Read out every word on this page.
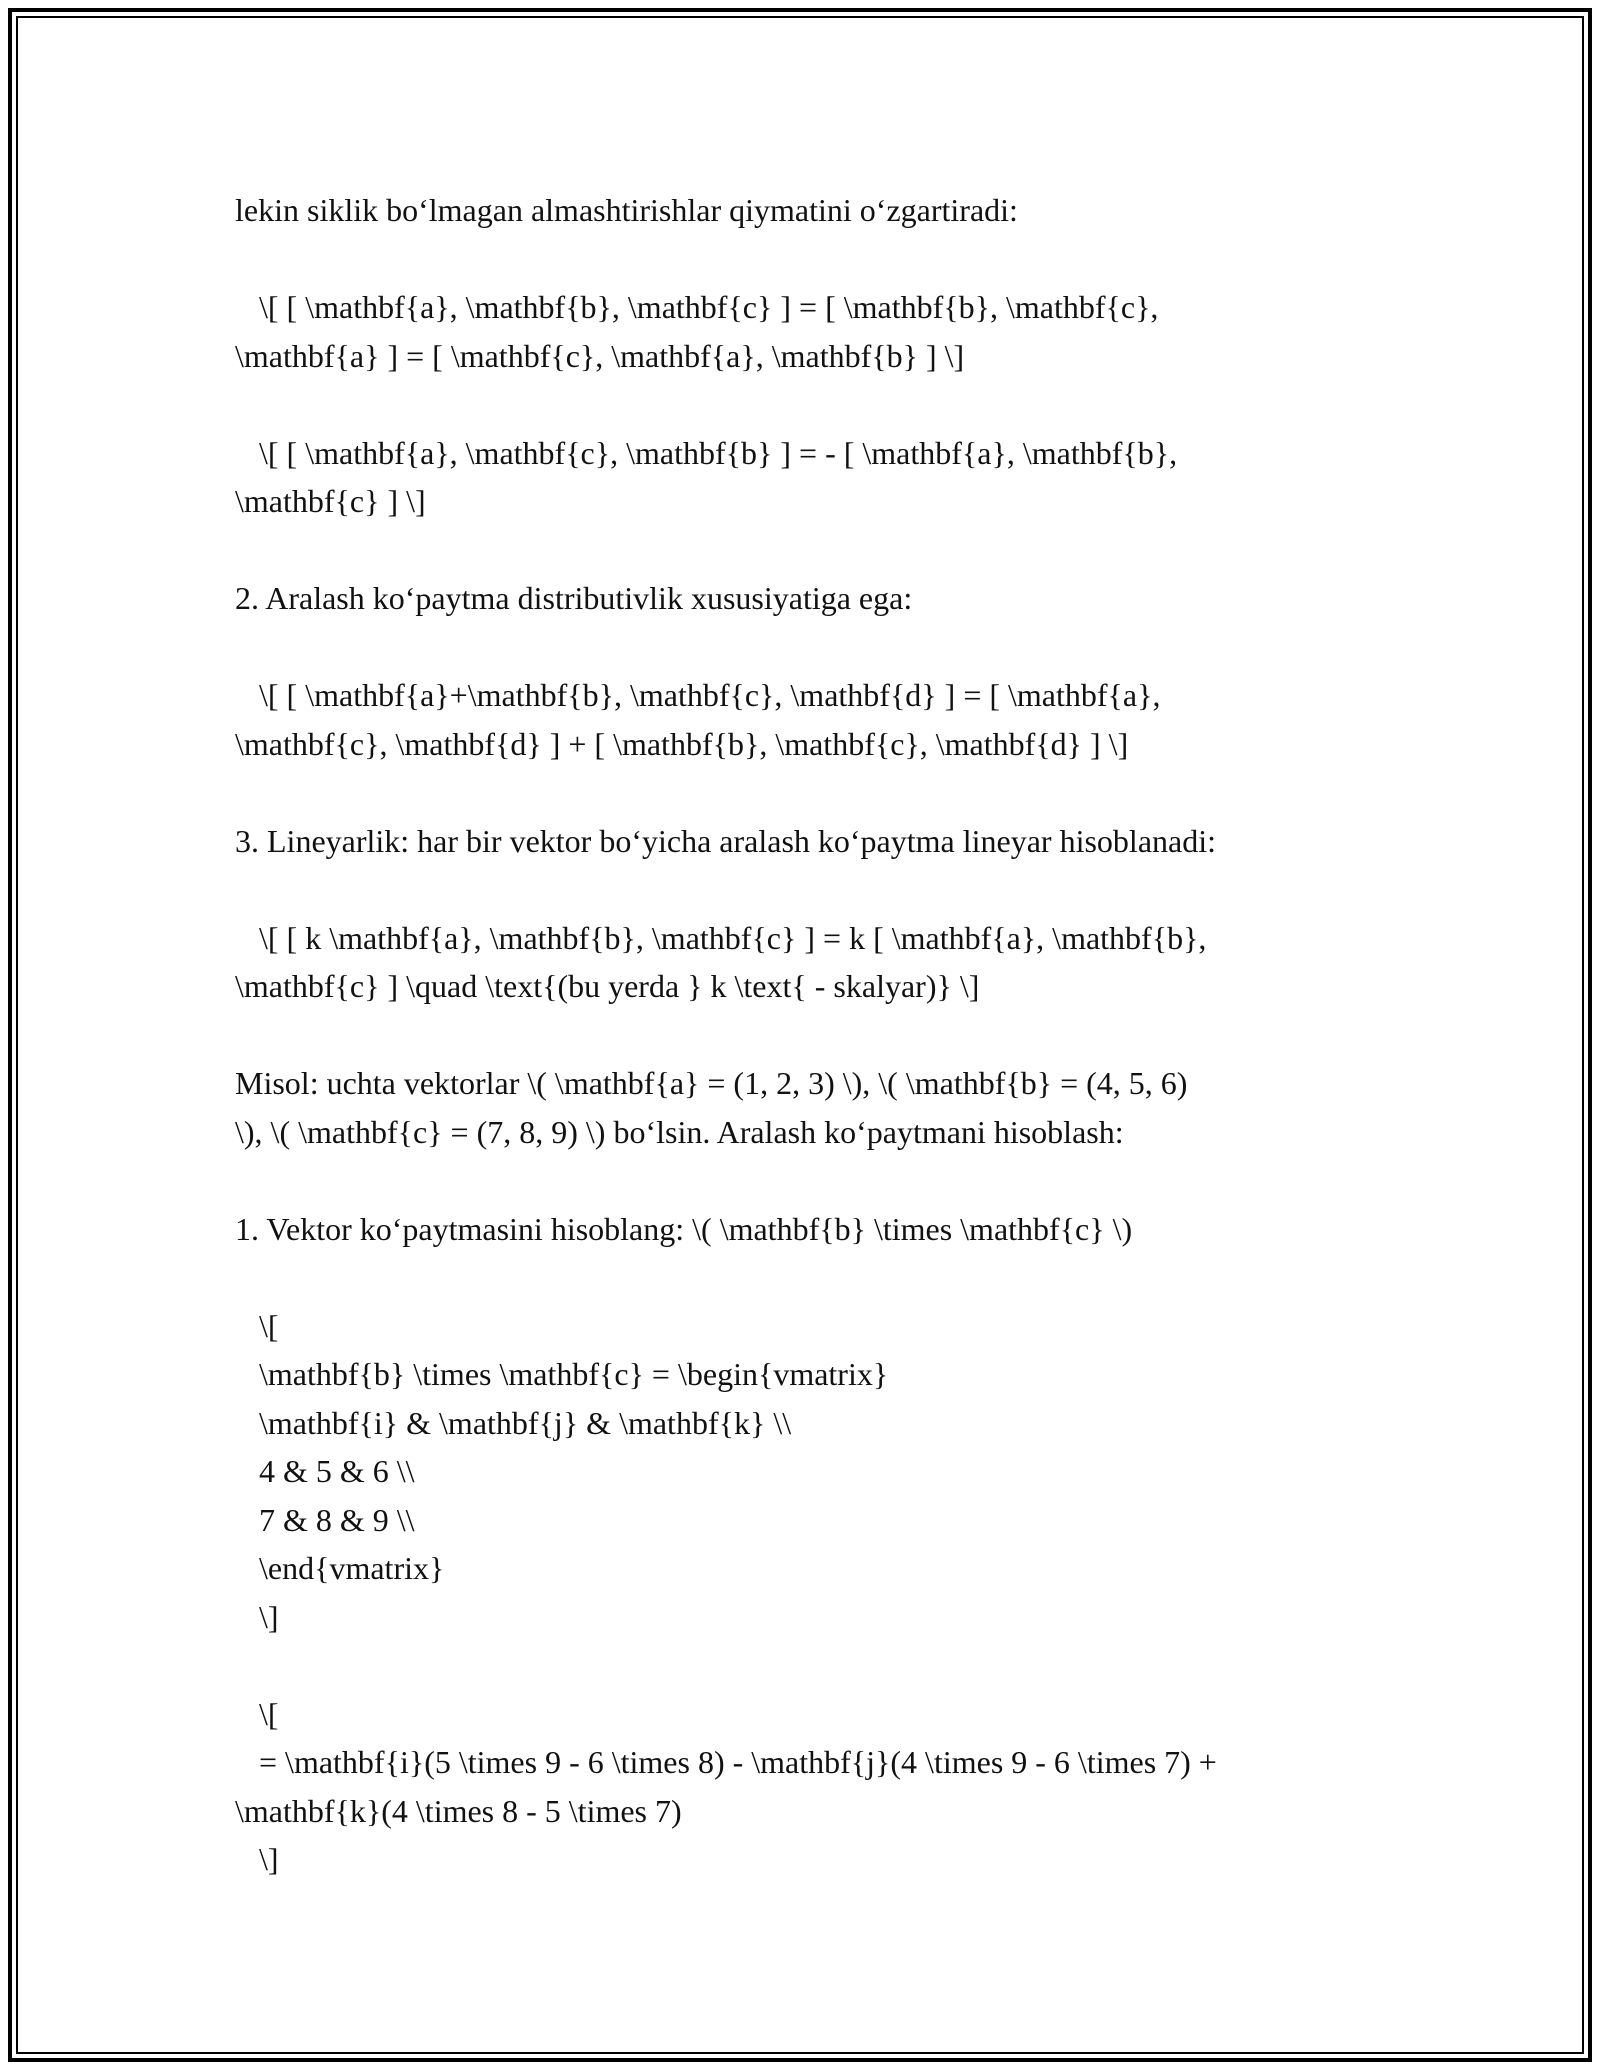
lekin siklik bo‘lmagan almashtirishlar qiymatini o‘zgartiradi:
\[ [ \mathbf{a}, \mathbf{b}, \mathbf{c} ] = [ \mathbf{b}, \mathbf{c},
\mathbf{a} ] = [ \mathbf{c}, \mathbf{a}, \mathbf{b} ] \]
\[ [ \mathbf{a}, \mathbf{c}, \mathbf{b} ] = - [ \mathbf{a}, \mathbf{b},
\mathbf{c} ] \]
2. Aralash ko‘paytma distributivlik xususiyatiga ega:
\[ [ \mathbf{a}+\mathbf{b}, \mathbf{c}, \mathbf{d} ] = [ \mathbf{a},
\mathbf{c}, \mathbf{d} ] + [ \mathbf{b}, \mathbf{c}, \mathbf{d} ] \]
3. Lineyarlik: har bir vektor bo‘yicha aralash ko‘paytma lineyar hisoblanadi:
\[ [ k \mathbf{a}, \mathbf{b}, \mathbf{c} ] = k [ \mathbf{a}, \mathbf{b},
\mathbf{c} ] \quad \text{(bu yerda } k \text{ - skalyar)} \]
Misol: uchta vektorlar \( \mathbf{a} = (1, 2, 3) \), \( \mathbf{b} = (4, 5, 6)
\), \( \mathbf{c} = (7, 8, 9) \) bo‘lsin. Aralash ko‘paytmani hisoblash:
1. Vektor ko‘paytmasini hisoblang: \( \mathbf{b} \times \mathbf{c} \)
\[
\mathbf{b} \times \mathbf{c} = \begin{vmatrix}
\mathbf{i} & \mathbf{j} & \mathbf{k} \\
4 & 5 & 6 \\
7 & 8 & 9 \\
\end{vmatrix}
\]
\[
= \mathbf{i}(5 \times 9 - 6 \times 8) - \mathbf{j}(4 \times 9 - 6 \times 7) +
\mathbf{k}(4 \times 8 - 5 \times 7)
\]
